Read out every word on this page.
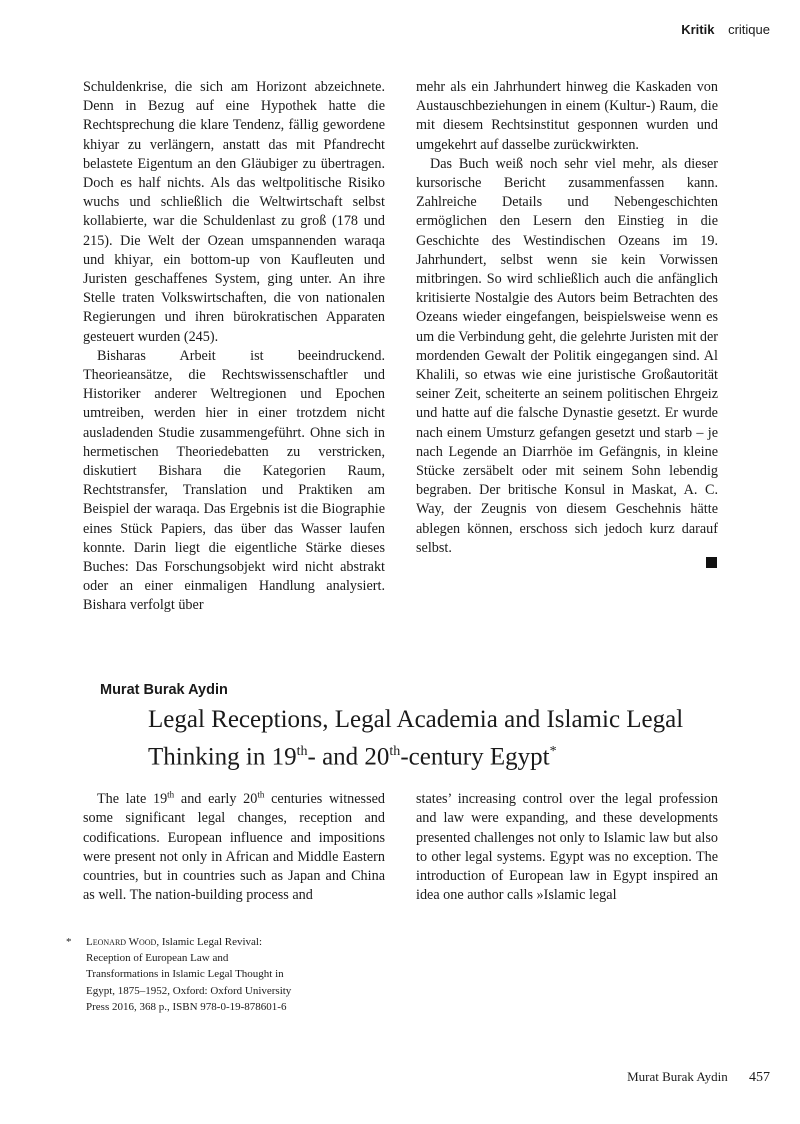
Kritik critique

Schuldenkrise, die sich am Horizont abzeichnete. Denn in Bezug auf eine Hypothek hatte die Rechtsprechung die klare Tendenz, fällig gewordene khiyar zu verlängern, anstatt das mit Pfandrecht belastete Eigentum an den Gläubiger zu übertragen. Doch es half nichts. Als das weltpolitische Risiko wuchs und schließlich die Weltwirtschaft selbst kollabierte, war die Schuldenlast zu groß (178 und 215). Die Welt der Ozean umspannenden waraqa und khiyar, ein bottom-up von Kaufleuten und Juristen geschaffenes System, ging unter. An ihre Stelle traten Volkswirtschaften, die von nationalen Regierungen und ihren bürokratischen Apparaten gesteuert wurden (245).

Bisharas Arbeit ist beeindruckend. Theorieansätze, die Rechtswissenschaftler und Historiker anderer Weltregionen und Epochen umtreiben, werden hier in einer trotzdem nicht ausladenden Studie zusammengeführt. Ohne sich in hermetischen Theoriedebatten zu verstricken, diskutiert Bishara die Kategorien Raum, Rechtstransfer, Translation und Praktiken am Beispiel der waraqa. Das Ergebnis ist die Biographie eines Stück Papiers, das über das Wasser laufen konnte. Darin liegt die eigentliche Stärke dieses Buches: Das Forschungsobjekt wird nicht abstrakt oder an einer einmaligen Handlung analysiert. Bishara verfolgt über

mehr als ein Jahrhundert hinweg die Kaskaden von Austauschbeziehungen in einem (Kultur-) Raum, die mit diesem Rechtsinstitut gesponnen wurden und umgekehrt auf dasselbe zurückwirkten.

Das Buch weiß noch sehr viel mehr, als dieser kursorische Bericht zusammenfassen kann. Zahlreiche Details und Nebengeschichten ermöglichen den Lesern den Einstieg in die Geschichte des Westindischen Ozeans im 19. Jahrhundert, selbst wenn sie kein Vorwissen mitbringen. So wird schließlich auch die anfänglich kritisierte Nostalgie des Autors beim Betrachten des Ozeans wieder eingefangen, beispielsweise wenn es um die Verbindung geht, die gelehrte Juristen mit der mordenden Gewalt der Politik eingegangen sind. Al Khalili, so etwas wie eine juristische Großautorität seiner Zeit, scheiterte an seinem politischen Ehrgeiz und hatte auf die falsche Dynastie gesetzt. Er wurde nach einem Umsturz gefangen gesetzt und starb – je nach Legende an Diarrhöe im Gefängnis, in kleine Stücke zersäbelt oder mit seinem Sohn lebendig begraben. Der britische Konsul in Maskat, A. C. Way, der Zeugnis von diesem Geschehnis hätte ablegen können, erschoss sich jedoch kurz darauf selbst.

Murat Burak Aydin
Legal Receptions, Legal Academia and Islamic Legal Thinking in 19th- and 20th-century Egypt*

The late 19th and early 20th centuries witnessed some significant legal changes, reception and codifications. European influence and impositions were present not only in African and Middle Eastern countries, but in countries such as Japan and China as well. The nation-building process and

states’ increasing control over the legal profession and law were expanding, and these developments presented challenges not only to Islamic law but also to other legal systems. Egypt was no exception. The introduction of European law in Egypt inspired an idea one author calls »Islamic legal

* Leonard Wood, Islamic Legal Revival: Reception of European Law and Transformations in Islamic Legal Thought in Egypt, 1875–1952, Oxford: Oxford University Press 2016, 368 p., ISBN 978-0-19-878601-6
Murat Burak Aydin 457
